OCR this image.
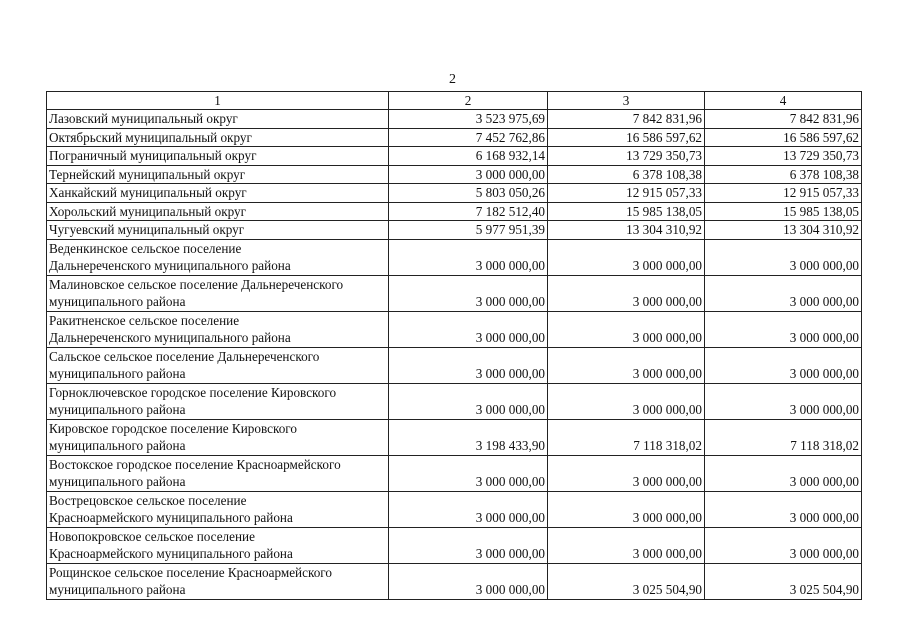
2
1	2	3	4

Лазовский муниципальный округ	3 523 975,69	7 842 831,96	7 842 831,96

Октябрьский муниципальный округ	7 452 762,86	16 586 597,62	16 586 597,62

Пограничный муниципальный округ	6 168 932,14	13 729 350,73	13 729 350,73

Тернейский муниципальный округ	3 000 000,00	6 378 108,38	6 378 108,38

Ханкайский муниципальный округ	5 803 050,26	12 915 057,33	12 915 057,33

Хорольский муниципальный округ	7 182 512,40	15 985 138,05	15 985 138,05

Чугуевский муниципальный округ	5 977 951,39	13 304 310,92	13 304 310,92

Веденкинское сельское поселение
Дальнереченского муниципального района	3 000 000,00	3 000 000,00	3 000 000,00

Малиновское сельское поселение Дальнереченского
муниципального района	3 000 000,00	3 000 000,00	3 000 000,00

Ракитненское сельское поселение
Дальнереченского муниципального района	3 000 000,00	3 000 000,00	3 000 000,00

Сальское сельское поселение Дальнереченского
муниципального района	3 000 000,00	3 000 000,00	3 000 000,00

Горноключевское городское поселение Кировского
муниципального района	3 000 000,00	3 000 000,00	3 000 000,00

Кировское городское поселение Кировского
муниципального района	3 198 433,90	7 118 318,02	7 118 318,02

Востокское городское поселение Красноармейского
муниципального района	3 000 000,00	3 000 000,00	3 000 000,00

Вострецовское сельское поселение
Красноармейского муниципального района	3 000 000,00	3 000 000,00	3 000 000,00

Новопокровское сельское поселение
Красноармейского муниципального района	3 000 000,00	3 000 000,00	3 000 000,00

Рощинское сельское поселение Красноармейского
муниципального района	3 000 000,00	3 025 504,90	3 025 504,90
